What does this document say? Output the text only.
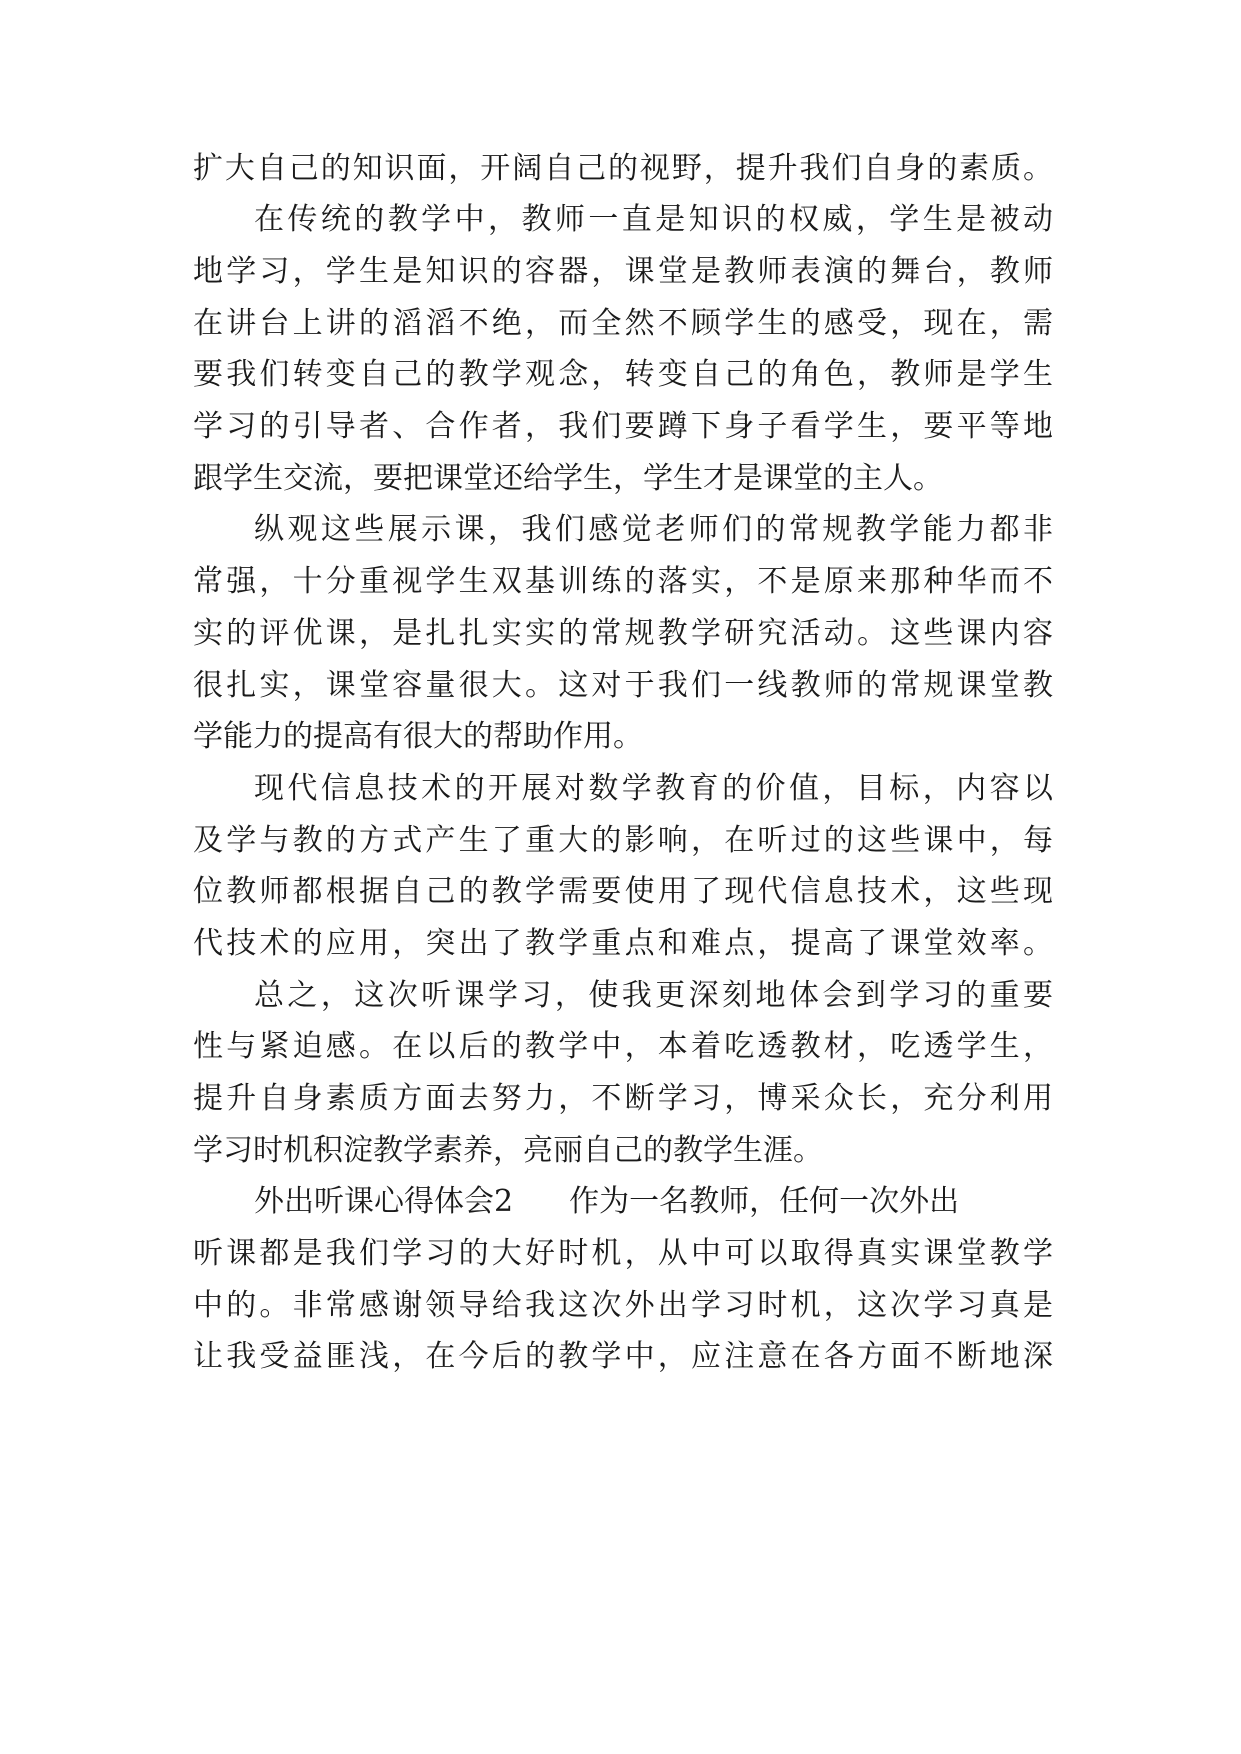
扩大自己的知识面，开阔自己的视野，提升我们自身的素质。
在传统的教学中，教师一直是知识的权威，学生是被动
地学习，学生是知识的容器，课堂是教师表演的舞台，教师
在讲台上讲的滔滔不绝，而全然不顾学生的感受，现在，需
要我们转变自己的教学观念，转变自己的角色，教师是学生
学习的引导者、合作者，我们要蹲下身子看学生，要平等地
跟学生交流，要把课堂还给学生，学生才是课堂的主人。
纵观这些展示课，我们感觉老师们的常规教学能力都非
常强，十分重视学生双基训练的落实，不是原来那种华而不
实的评优课，是扎扎实实的常规教学研究活动。这些课内容
很扎实，课堂容量很大。这对于我们一线教师的常规课堂教
学能力的提高有很大的帮助作用。
现代信息技术的开展对数学教育的价值，目标，内容以
及学与教的方式产生了重大的影响，在听过的这些课中，每
位教师都根据自己的教学需要使用了现代信息技术，这些现
代技术的应用，突出了教学重点和难点，提高了课堂效率。
总之，这次听课学习，使我更深刻地体会到学习的重要
性与紧迫感。在以后的教学中，本着吃透教材，吃透学生，
提升自身素质方面去努力，不断学习，博采众长，充分利用
学习时机积淀教学素养，亮丽自己的教学生涯。
外出听课心得体会2 作为一名教师，任何一次外出
听课都是我们学习的大好时机，从中可以取得真实课堂教学
中的。非常感谢领导给我这次外出学习时机，这次学习真是
让我受益匪浅，在今后的教学中，应注意在各方面不断地深
